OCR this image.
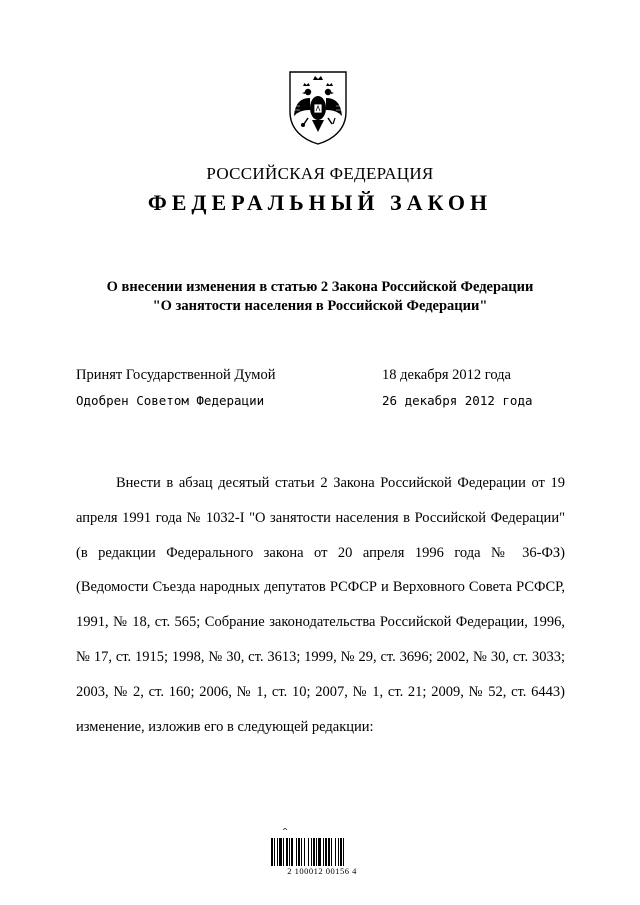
РОССИЙСКАЯ ФЕДЕРАЦИЯ
ФЕДЕРАЛЬНЫЙ ЗАКОН
О внесении изменения в статью 2 Закона Российской Федерации
"О занятости населения в Российской Федерации"
Принят Государственной Думой	18 декабря 2012 года
Одобрен Советом Федерации	26 декабря 2012 года
Внести в абзац десятый статьи 2 Закона Российской Федерации от 19 апреля 1991 года № 1032-I "О занятости населения в Российской Федерации" (в редакции Федерального закона от 20 апреля 1996 года № 36-ФЗ) (Ведомости Съезда народных депутатов РСФСР и Верховного Совета РСФСР, 1991, № 18, ст. 565; Собрание законодательства Российской Федерации, 1996, № 17, ст. 1915; 1998, № 30, ст. 3613; 1999, № 29, ст. 3696; 2002, № 30, ст. 3033; 2003, № 2, ст. 160; 2006, № 1, ст. 10; 2007, № 1, ст. 21; 2009, № 52, ст. 6443) изменение, изложив его в следующей редакции:
2 100012 00156 4
